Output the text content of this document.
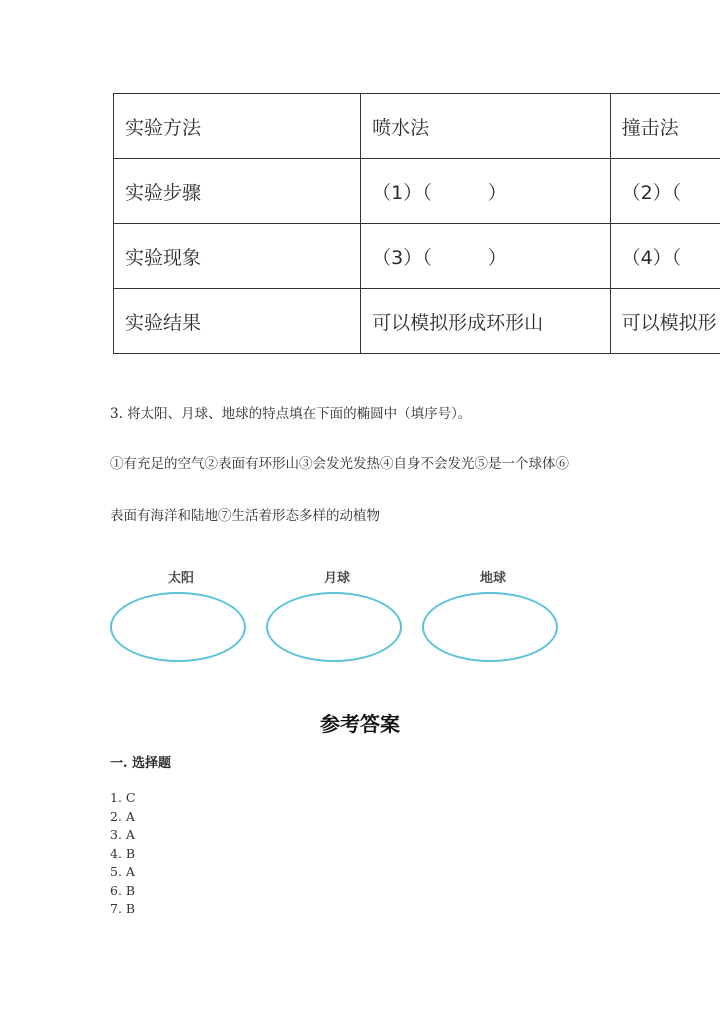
实验方法	喷水法	撞击法
实验步骤	（1）（ ）	（2）（
实验现象	（3）（ ）	（4）（
实验结果	可以模拟形成环形山	可以模拟形
3. 将太阳、月球、地球的特点填在下面的椭圆中（填序号）。
①有充足的空气②表面有环形山③会发光发热④自身不会发光⑤是一个球体⑥
表面有海洋和陆地⑦生活着形态多样的动植物
太阳	月球	地球
参考答案
一. 选择题
1. C
2. A
3. A
4. B
5. A
6. B
7. B
